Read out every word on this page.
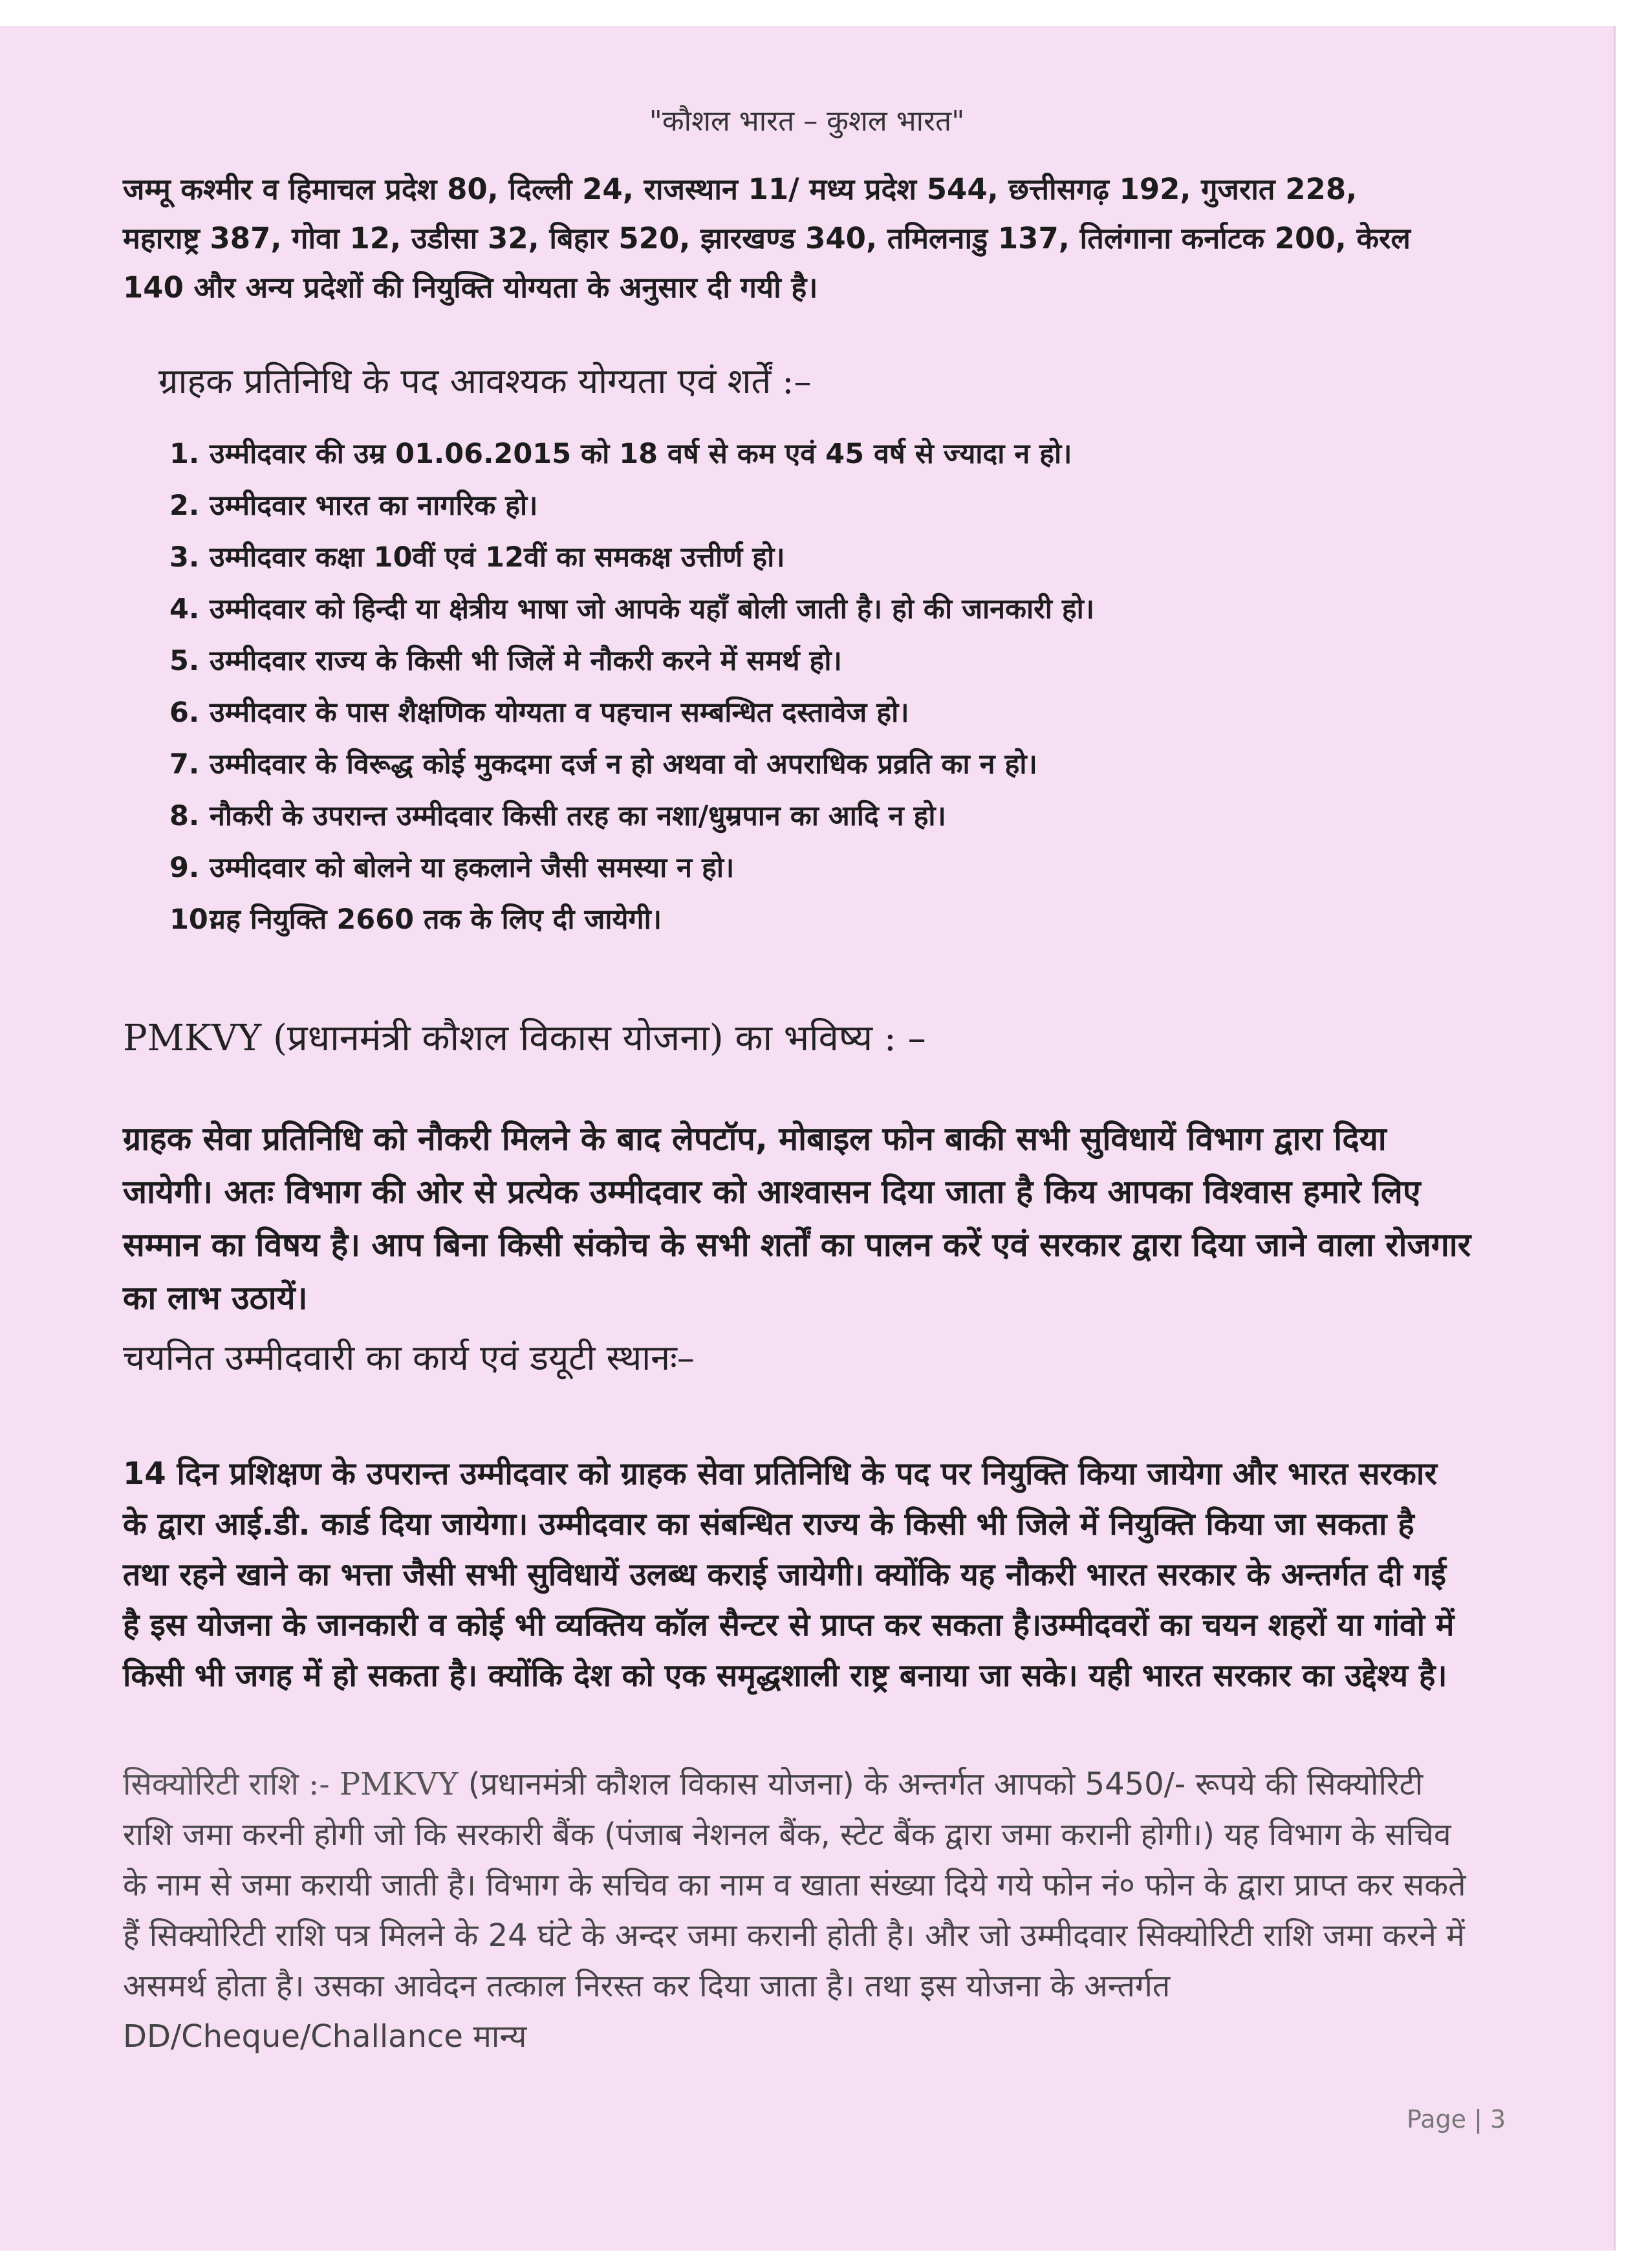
"कौशल भारत – कुशल भारत"

जम्मू कश्मीर व हिमाचल प्रदेश 80, दिल्ली 24, राजस्थान 11/ मध्य प्रदेश 544, छत्तीसगढ़ 192, गुजरात 228, महाराष्ट्र 387, गोवा 12, उडीसा 32, बिहार 520, झारखण्ड 340, तमिलनाडु 137, तिलंगाना कर्नाटक 200, केरल 140 और अन्य प्रदेशों की नियुक्ति योग्यता के अनुसार दी गयी है।

ग्राहक प्रतिनिधि के पद आवश्यक योग्यता एवं शर्तें :–
1. उम्मीदवार की उम्र 01.06.2015 को 18 वर्ष से कम एवं 45 वर्ष से ज्यादा न हो।
2. उम्मीदवार भारत का नागरिक हो।
3. उम्मीदवार कक्षा 10वीं एवं 12वीं का समकक्ष उत्तीर्ण हो।
4. उम्मीदवार को हिन्दी या क्षेत्रीय भाषा जो आपके यहाँ बोली जाती है। हो की जानकारी हो।
5. उम्मीदवार राज्य के किसी भी जिलें मे नौकरी करने में समर्थ हो।
6. उम्मीदवार के पास शैक्षणिक योग्यता व पहचान सम्बन्धित दस्तावेज हो।
7. उम्मीदवार के विरूद्ध कोई मुकदमा दर्ज न हो अथवा वो अपराधिक प्रव्रति का न हो।
8. नौकरी के उपरान्त उम्मीदवार किसी तरह का नशा/धुम्रपान का आदि न हो।
9. उम्मीदवार को बोलने या हकलाने जैसी समस्या न हो।
10.
यह नियुक्ति 2660 तक के लिए दी जायेगी।
PMKVY (प्रधानमंत्री कौशल विकास योजना) का भविष्य : –

ग्राहक सेवा प्रतिनिधि को नौकरी मिलने के बाद लेपटॉप, मोबाइल फोन बाकी सभी सुविधायें विभाग द्वारा दिया जायेगी। अतः विभाग की ओर से प्रत्येक उम्मीदवार को आश्वासन दिया जाता है किय आपका विश्वास हमारे लिए सम्मान का विषय है। आप बिना किसी संकोच के सभी शर्तों का पालन करें एवं सरकार द्वारा दिया जाने वाला रोजगार का लाभ उठायें।

चयनित उम्मीदवारी का कार्य एवं डयूटी स्थानः–

14 दिन प्रशिक्षण के उपरान्त उम्मीदवार को ग्राहक सेवा प्रतिनिधि के पद पर नियुक्ति किया जायेगा और भारत सरकार के द्वारा आई.डी. कार्ड दिया जायेगा। उम्मीदवार का संबन्धित राज्य के किसी भी जिले में नियुक्ति किया जा सकता है तथा रहने खाने का भत्ता जैसी सभी सुविधायें उलब्ध कराई जायेगी। क्योंकि यह नौकरी भारत सरकार के अन्तर्गत दी गई है इस योजना के जानकारी व कोई भी व्यक्तिय कॉल सैन्टर से प्राप्त कर सकता है।उम्मीदवरों का चयन शहरों या गांवो में किसी भी जगह में हो सकता है। क्योंकि देश को एक समृद्धशाली राष्ट्र बनाया जा सके। यही भारत सरकार का उद्देश्य है।

सिक्योरिटी राशि :- PMKVY (प्रधानमंत्री कौशल विकास योजना) के अन्तर्गत आपको 5450/- रूपये की सिक्योरिटी राशि जमा करनी होगी जो कि सरकारी बैंक (पंजाब नेशनल बैंक, स्टेट बैंक द्वारा जमा करानी होगी।) यह विभाग के सचिव के नाम से जमा करायी जाती है। विभाग के सचिव का नाम व खाता संख्या दिये गये फोन नं० फोन के द्वारा प्राप्त कर सकते हैं सिक्योरिटी राशि पत्र मिलने के 24 घंटे के अन्दर जमा करानी होती है। और जो उम्मीदवार सिक्योरिटी राशि जमा करने में असमर्थ होता है। उसका आवेदन तत्काल निरस्त कर दिया जाता है। तथा इस योजना के अन्तर्गत DD/Cheque/Challance मान्य

Page | 3
